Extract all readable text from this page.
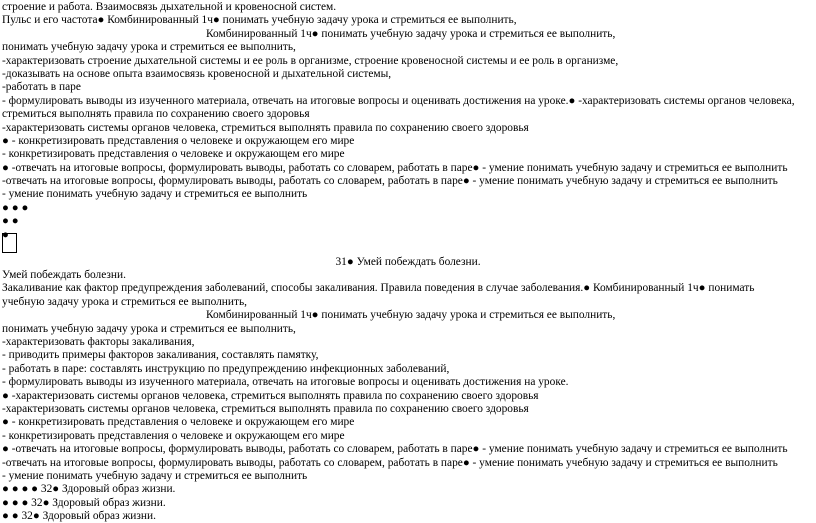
строение и работа. Взаимосвязь дыхательной и кровеносной систем.
Пульс и его частота● Комбинированный 1ч● понимать учебную задачу урока и стремиться ее выполнить,
Комбинированный 1ч● понимать учебную задачу урока и стремиться ее выполнить,
понимать учебную задачу урока и стремиться ее выполнить,
-характеризовать строение дыхательной системы и ее роль в организме, строение кровеносной системы и ее роль в организме,
-доказывать на основе опыта взаимосвязь кровеносной и дыхательной системы,
-работать в паре
- формулировать выводы из изученного материала, отвечать на итоговые вопросы и оценивать достижения на уроке.● -характеризовать системы органов человека,
стремиться выполнять правила по сохранению своего здоровья
-характеризовать системы органов человека, стремиться выполнять правила по сохранению своего здоровья
● - конкретизировать представления о человеке и окружающем его мире
- конкретизировать представления о человеке и окружающем его мире
● -отвечать на итоговые вопросы, формулировать выводы, работать со словарем, работать в паре● - умение понимать учебную задачу и стремиться ее выполнить
-отвечать на итоговые вопросы, формулировать выводы, работать со словарем, работать в паре● - умение понимать учебную задачу и стремиться ее выполнить
- умение понимать учебную задачу и стремиться ее выполнить
● ● ●
● ●
●
31● Умей побеждать болезни.
Умей побеждать болезни.
Закаливание как фактор предупреждения заболеваний, способы закаливания. Правила поведения в случае заболевания.● Комбинированный 1ч● понимать учебную задачу урока и стремиться ее выполнить,
Комбинированный 1ч● понимать учебную задачу урока и стремиться ее выполнить,
понимать учебную задачу урока и стремиться ее выполнить,
-характеризовать факторы закаливания,
- приводить примеры факторов закаливания, составлять памятку,
- работать в паре: составлять инструкцию по предупреждению инфекционных заболеваний,
- формулировать выводы из изученного материала, отвечать на итоговые вопросы и оценивать достижения на уроке.
● -характеризовать системы органов человека, стремиться выполнять правила по сохранению своего здоровья
-характеризовать системы органов человека, стремиться выполнять правила по сохранению своего здоровья
● - конкретизировать представления о человеке и окружающем его мире
- конкретизировать представления о человеке и окружающем его мире
● -отвечать на итоговые вопросы, формулировать выводы, работать со словарем, работать в паре● - умение понимать учебную задачу и стремиться ее выполнить
-отвечать на итоговые вопросы, формулировать выводы, работать со словарем, работать в паре● - умение понимать учебную задачу и стремиться ее выполнить
- умение понимать учебную задачу и стремиться ее выполнить
● ● ● ● 32● Здоровый образ жизни.
● ● ● 32● Здоровый образ жизни.
● ● 32● Здоровый образ жизни.
